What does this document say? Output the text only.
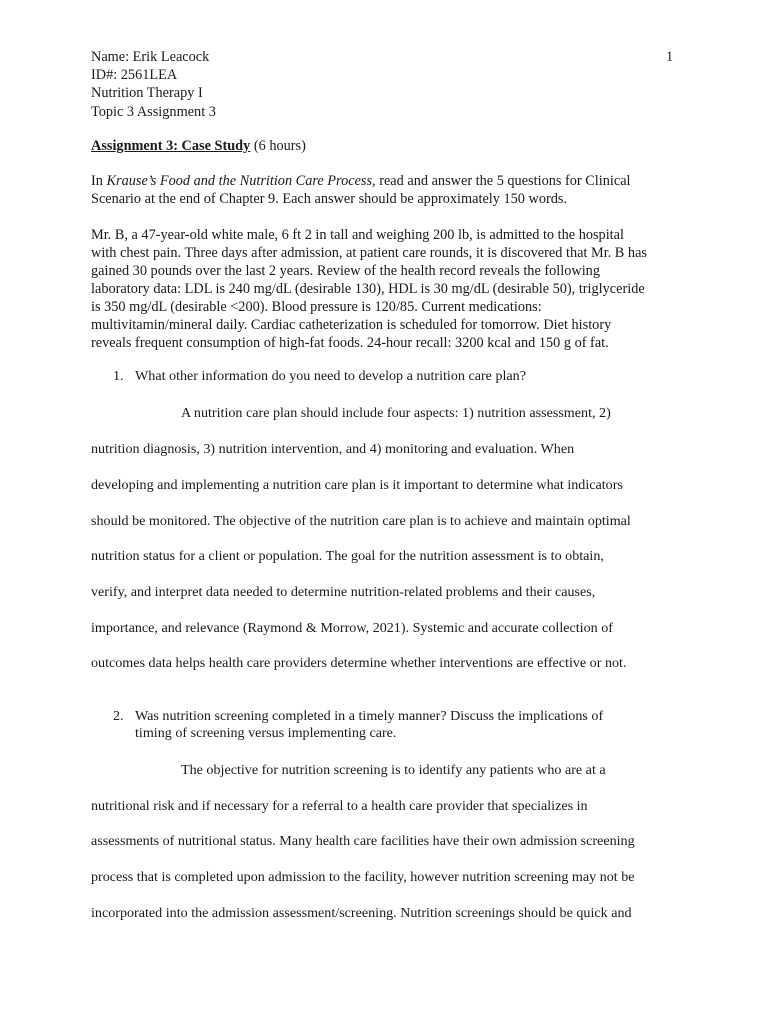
1
Name: Erik Leacock
ID#: 2561LEA
Nutrition Therapy I
Topic 3 Assignment 3
Assignment 3: Case Study (6 hours)
In Krause’s Food and the Nutrition Care Process, read and answer the 5 questions for Clinical
Scenario at the end of Chapter 9. Each answer should be approximately 150 words.
Mr. B, a 47-year-old white male, 6 ft 2 in tall and weighing 200 lb, is admitted to the hospital
with chest pain. Three days after admission, at patient care rounds, it is discovered that Mr. B has
gained 30 pounds over the last 2 years. Review of the health record reveals the following
laboratory data: LDL is 240 mg/dL (desirable 130), HDL is 30 mg/dL (desirable 50), triglyceride
is 350 mg/dL (desirable <200). Blood pressure is 120/85. Current medications:
multivitamin/mineral daily. Cardiac catheterization is scheduled for tomorrow. Diet history
reveals frequent consumption of high-fat foods. 24-hour recall: 3200 kcal and 150 g of fat.
1. What other information do you need to develop a nutrition care plan?
A nutrition care plan should include four aspects: 1) nutrition assessment, 2)
nutrition diagnosis, 3) nutrition intervention, and 4) monitoring and evaluation. When
developing and implementing a nutrition care plan is it important to determine what indicators
should be monitored. The objective of the nutrition care plan is to achieve and maintain optimal
nutrition status for a client or population. The goal for the nutrition assessment is to obtain,
verify, and interpret data needed to determine nutrition-related problems and their causes,
importance, and relevance (Raymond & Morrow, 2021). Systemic and accurate collection of
outcomes data helps health care providers determine whether interventions are effective or not.
2. Was nutrition screening completed in a timely manner? Discuss the implications of
timing of screening versus implementing care.
The objective for nutrition screening is to identify any patients who are at a
nutritional risk and if necessary for a referral to a health care provider that specializes in
assessments of nutritional status. Many health care facilities have their own admission screening
process that is completed upon admission to the facility, however nutrition screening may not be
incorporated into the admission assessment/screening. Nutrition screenings should be quick and
